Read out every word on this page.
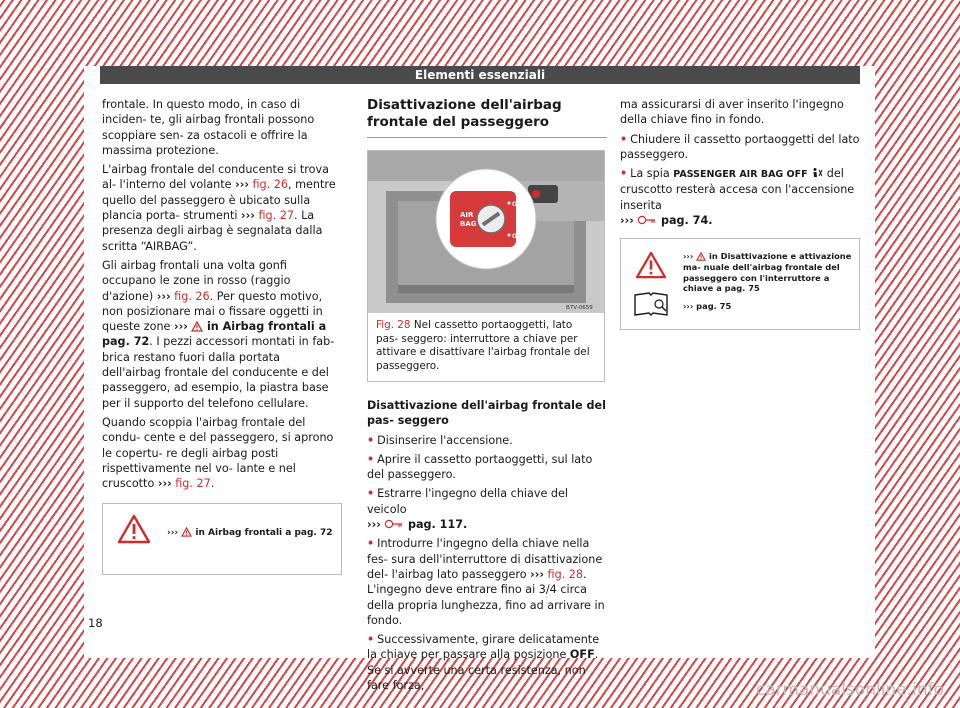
Elementi essenziali

frontale. In questo modo, in caso di inciden- te, gli airbag frontali possono scoppiare sen- za ostacoli e offrire la massima protezione.

L'airbag frontale del conducente si trova al- l'interno del volante ››› fig. 26, mentre quello del passeggero è ubicato sulla plancia porta- strumenti ››› fig. 27. La presenza degli airbag è segnalata dalla scritta “AIRBAG”.

Gli airbag frontali una volta gonfi occupano le zone in rosso (raggio d'azione) ››› fig. 26. Per questo motivo, non posizionare mai o fissare oggetti in queste zone ››› in Airbag frontali a pag. 72. I pezzi accessori montati in fab- brica restano fuori dalla portata dell'airbag frontale del conducente e del passeggero, ad esempio, la piastra base per il supporto del telefono cellulare.

Quando scoppia l'airbag frontale del condu- cente e del passeggero, si aprono le copertu- re degli airbag posti rispettivamente nel vo- lante e nel cruscotto ››› fig. 27.

››› in Airbag frontali a pag. 72
Disattivazione dell'airbag frontale del passeggero
AIR
BAG
ON
OFF
B7V-0659
Fig. 28 Nel cassetto portaoggetti, lato pas- seggero: interruttore a chiave per attivare e disattivare l'airbag frontale del passeggero.

Disattivazione dell'airbag frontale del pas- seggero

• Disinserire l'accensione.

• Aprire il cassetto portaoggetti, sul lato del passeggero.

• Estrarre l'ingegno della chiave del veicolo
››› pag. 117.

• Introdurre l'ingegno della chiave nella fes- sura dell'interruttore di disattivazione del- l'airbag lato passeggero ››› fig. 28. L'ingegno deve entrare fino ai 3/4 circa della propria lunghezza, fino ad arrivare in fondo.

• Successivamente, girare delicatamente la chiave per passare alla posizione OFF. Se si avverte una certa resistenza, non fare forza,

ma assicurarsi di aver inserito l'ingegno della chiave fino in fondo.

• Chiudere il cassetto portaoggetti del lato passeggero.

• La spia PASSENGER AIR BAG OFF  del cruscotto resterà accesa con l'accensione inserita
››› pag. 74.

››› in Disattivazione e attivazione ma- nuale dell'airbag frontale del passeggero con l'interruttore a chiave a pag. 75
››› pag. 75
18
carmanualsonline.info
